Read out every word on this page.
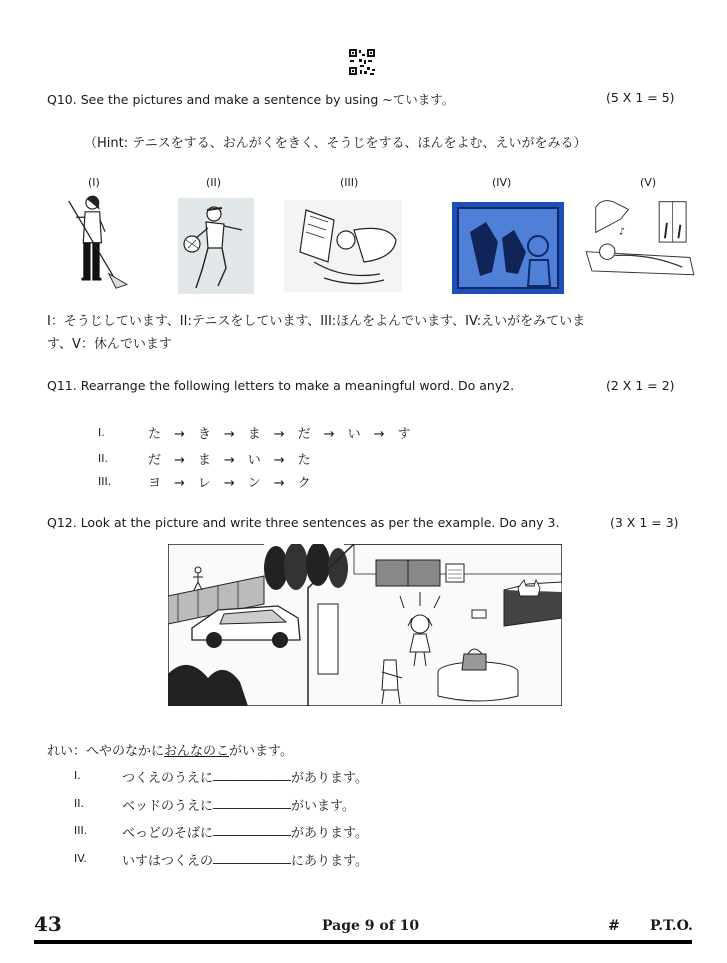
Q10. See the pictures and make a sentence by using ~ています。	(5 X 1 = 5)
（Hint: テニスをする、おんがくをきく、そうじをする、ほんをよむ、えいがをみる）
(I)	(II)	(III)	(IV)	(V)
♪
I：そうじしています、II:テニスをしています、III:ほんをよんでいます、IV:えいがをみていま
す、V：休んでいます
Q11. Rearrange the following letters to make a meaningful word. Do any2.	(2 X 1 = 2)
I.	た　→　き　→　ま　→　だ　→　い　→　す
II.	だ　→　ま　→　い　→　た
III.	ヨ　→　レ　→　ン　→　ク
Q12. Look at the picture and write three sentences as per the example. Do any 3.	(3 X 1 = 3)
れい：へやのなかにおんなのこがいます。
I.	つくえのうえに ____________ があります。
II.	ベッドのうえに ____________ がいます。
III.	べっどのそばに ____________ があります。
IV.	いすはつくえの ____________ にあります。
43	Page 9 of 10	# P.T.O.
